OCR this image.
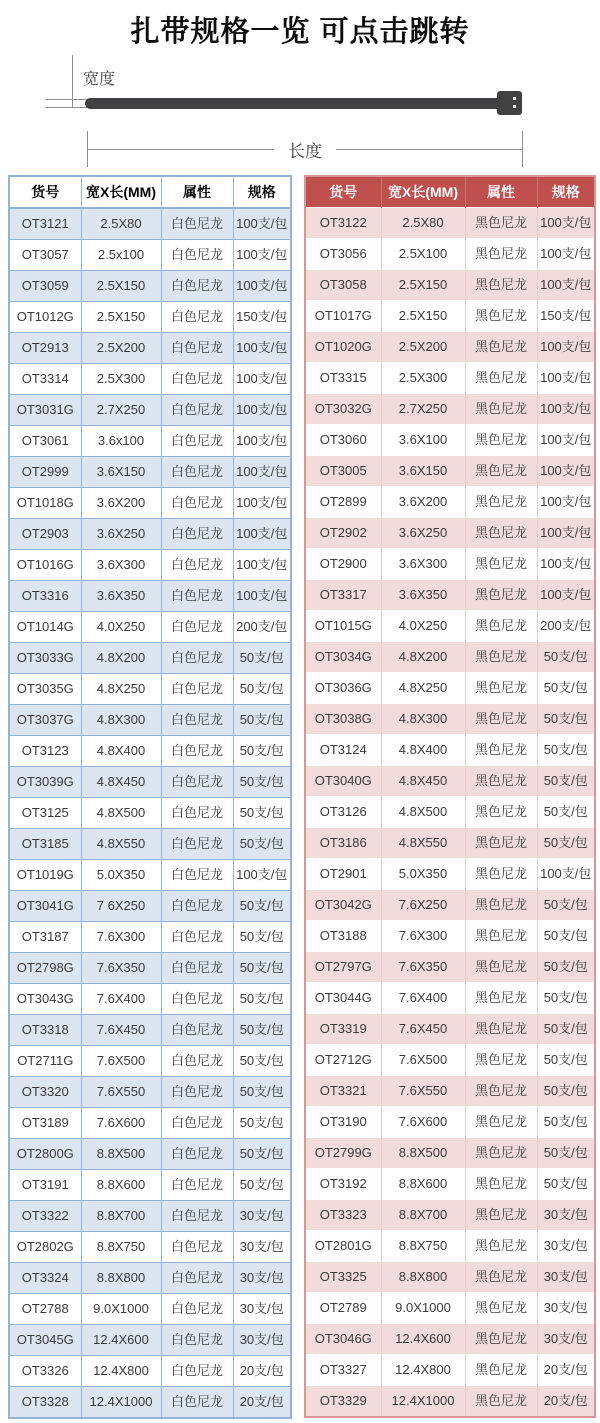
扎带规格一览 可点击跳转
宽度
长度
货号	宽X长(MM)	属性	规格
OT3121	2.5X80	白色尼龙	100支/包
OT3057	2.5x100	白色尼龙	100支/包
OT3059	2.5X150	白色尼龙	100支/包
OT1012G	2.5X150	白色尼龙	150支/包
OT2913	2.5X200	白色尼龙	100支/包
OT3314	2.5X300	白色尼龙	100支/包
OT3031G	2.7X250	白色尼龙	100支/包
OT3061	3.6x100	白色尼龙	100支/包
OT2999	3.6X150	白色尼龙	100支/包
OT1018G	3.6X200	白色尼龙	100支/包
OT2903	3.6X250	白色尼龙	100支/包
OT1016G	3.6X300	白色尼龙	100支/包
OT3316	3.6X350	白色尼龙	100支/包
OT1014G	4.0X250	白色尼龙	200支/包
OT3033G	4.8X200	白色尼龙	50支/包
OT3035G	4.8X250	白色尼龙	50支/包
OT3037G	4.8X300	白色尼龙	50支/包
OT3123	4.8X400	白色尼龙	50支/包
OT3039G	4.8X450	白色尼龙	50支/包
OT3125	4.8X500	白色尼龙	50支/包
OT3185	4.8X550	白色尼龙	50支/包
OT1019G	5.0X350	白色尼龙	100支/包
OT3041G	7 6X250	白色尼龙	50支/包
OT3187	7.6X300	白色尼龙	50支/包
OT2798G	7.6X350	白色尼龙	50支/包
OT3043G	7.6X400	白色尼龙	50支/包
OT3318	7.6X450	白色尼龙	50支/包
OT2711G	7.6X500	白色尼龙	50支/包
OT3320	7.6X550	白色尼龙	50支/包
OT3189	7.6X600	白色尼龙	50支/包
OT2800G	8.8X500	白色尼龙	50支/包
OT3191	8.8X600	白色尼龙	50支/包
OT3322	8.8X700	白色尼龙	30支/包
OT2802G	8.8X750	白色尼龙	30支/包
OT3324	8.8X800	白色尼龙	30支/包
OT2788	9.0X1000	白色尼龙	30支/包
OT3045G	12.4X600	白色尼龙	30支/包
OT3326	12.4X800	白色尼龙	20支/包
OT3328	12.4X1000	白色尼龙	20支/包
货号	宽X长(MM)	属性	规格
OT3122	2.5X80	黑色尼龙	100支/包
OT3056	2.5X100	黑色尼龙	100支/包
OT3058	2.5X150	黑色尼龙	100支/包
OT1017G	2.5X150	黑色尼龙	150支/包
OT1020G	2.5X200	黑色尼龙	100支/包
OT3315	2.5X300	黑色尼龙	100支/包
OT3032G	2.7X250	黑色尼龙	100支/包
OT3060	3.6X100	黑色尼龙	100支/包
OT3005	3.6X150	黑色尼龙	100支/包
OT2899	3.6X200	黑色尼龙	100支/包
OT2902	3.6X250	黑色尼龙	100支/包
OT2900	3.6X300	黑色尼龙	100支/包
OT3317	3.6X350	黑色尼龙	100支/包
OT1015G	4.0X250	黑色尼龙	200支/包
OT3034G	4.8X200	黑色尼龙	50支/包
OT3036G	4.8X250	黑色尼龙	50支/包
OT3038G	4.8X300	黑色尼龙	50支/包
OT3124	4.8X400	黑色尼龙	50支/包
OT3040G	4.8X450	黑色尼龙	50支/包
OT3126	4.8X500	黑色尼龙	50支/包
OT3186	4.8X550	黑色尼龙	50支/包
OT2901	5.0X350	黑色尼龙	100支/包
OT3042G	7.6X250	黑色尼龙	50支/包
OT3188	7.6X300	黑色尼龙	50支/包
OT2797G	7.6X350	黑色尼龙	50支/包
OT3044G	7.6X400	黑色尼龙	50支/包
OT3319	7.6X450	黑色尼龙	50支/包
OT2712G	7.6X500	黑色尼龙	50支/包
OT3321	7.6X550	黑色尼龙	50支/包
OT3190	7.6X600	黑色尼龙	50支/包
OT2799G	8.8X500	黑色尼龙	50支/包
OT3192	8.8X600	黑色尼龙	50支/包
OT3323	8.8X700	黑色尼龙	30支/包
OT2801G	8.8X750	黑色尼龙	30支/包
OT3325	8.8X800	黑色尼龙	30支/包
OT2789	9.0X1000	黑色尼龙	30支/包
OT3046G	12.4X600	黑色尼龙	30支/包
OT3327	12.4X800	黑色尼龙	20支/包
OT3329	12.4X1000	黑色尼龙	20支/包
